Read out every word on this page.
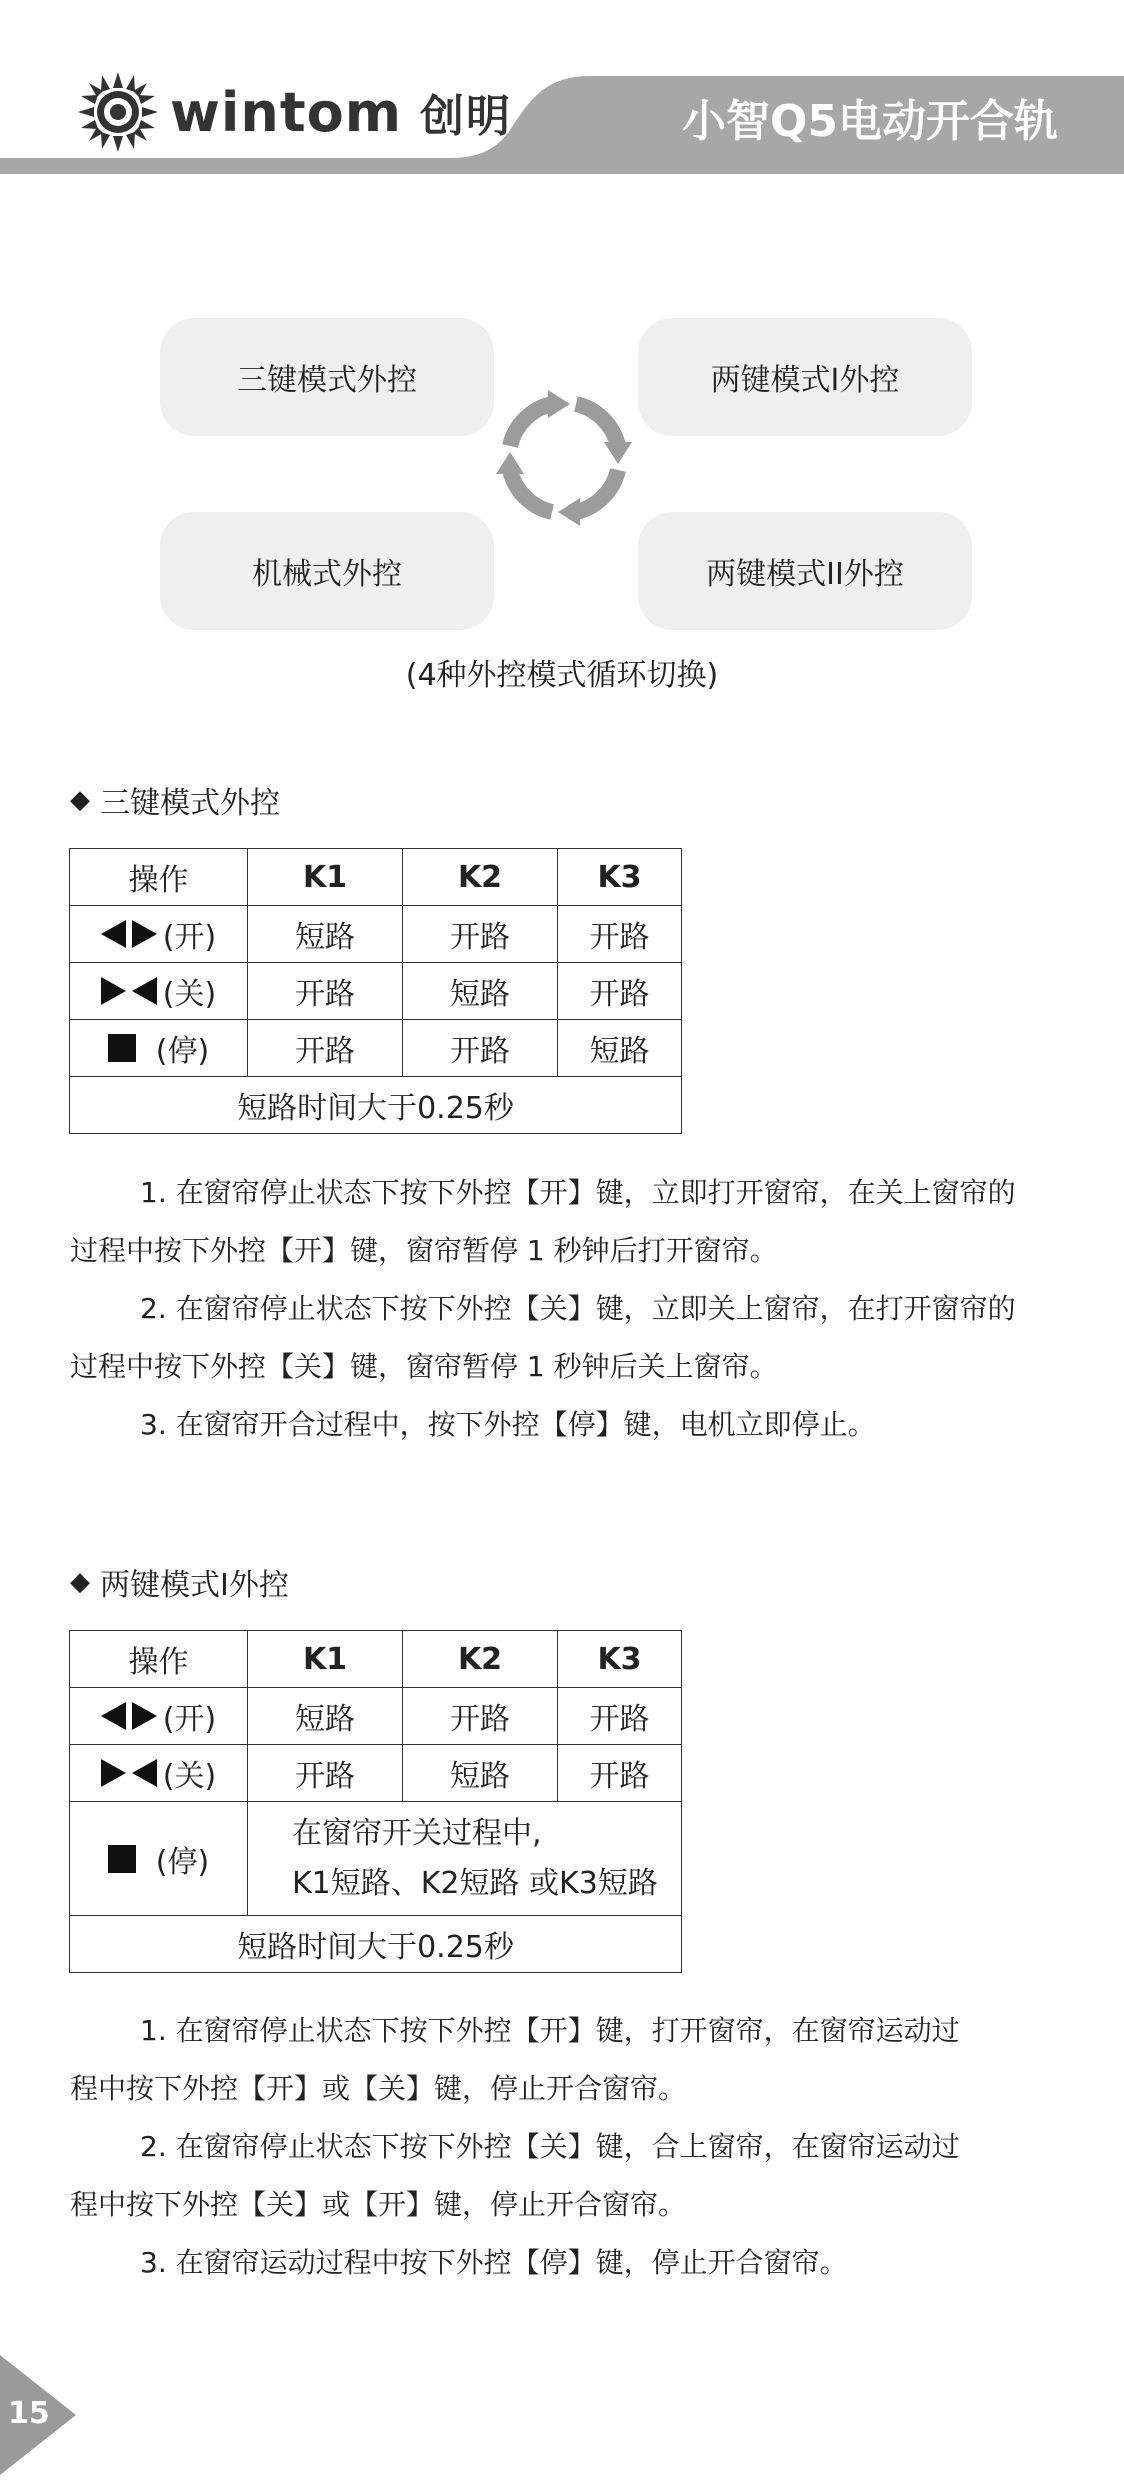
wintom 创明	小智Q5电动开合轨
三键模式外控	两键模式I外控
机械式外控	两键模式II外控
(4种外控模式循环切换)
◆ 三键模式外控
操作	K1	K2	K3

(开)	短路	开路	开路

(关)	开路	短路	开路

(停)	开路	开路	短路
短路时间大于0.25秒			
1. 在窗帘停止状态下按下外控【开】键，立即打开窗帘，在关上窗帘的
过程中按下外控【开】键，窗帘暂停 1 秒钟后打开窗帘。
2. 在窗帘停止状态下按下外控【关】键，立即关上窗帘，在打开窗帘的
过程中按下外控【关】键，窗帘暂停 1 秒钟后关上窗帘。
3. 在窗帘开合过程中，按下外控【停】键，电机立即停止。
◆ 两键模式I外控
操作	K1	K2	K3

(开)	短路	开路	开路

(关)	开路	短路	开路

(停)	在窗帘开关过程中,
K1短路、K2短路 或K3短路		

短路时间大于0.25秒			
1. 在窗帘停止状态下按下外控【开】键，打开窗帘，在窗帘运动过
程中按下外控【开】或【关】键，停止开合窗帘。
2. 在窗帘停止状态下按下外控【关】键，合上窗帘，在窗帘运动过
程中按下外控【关】或【开】键，停止开合窗帘。
3. 在窗帘运动过程中按下外控【停】键，停止开合窗帘。
15
